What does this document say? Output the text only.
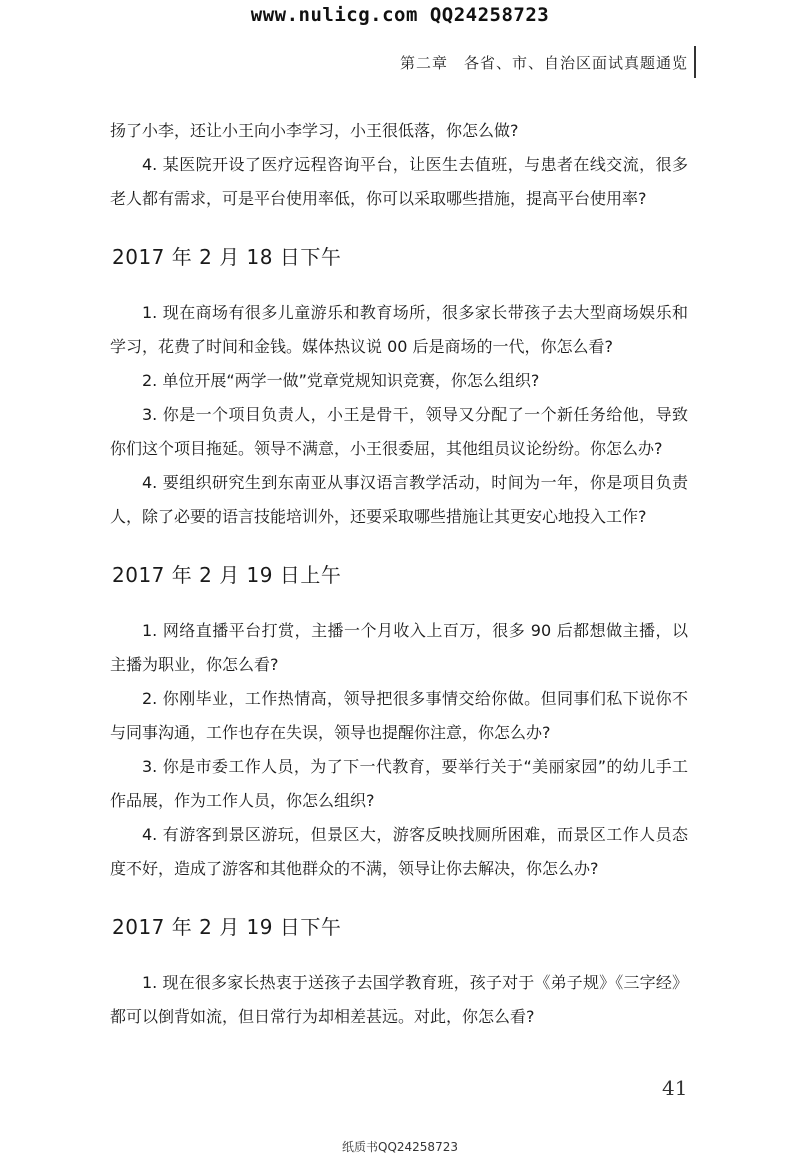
www.nulicg.com QQ24258723
第二章　各省、市、自治区面试真题通览

扬了小李，还让小王向小李学习，小王很低落，你怎么做?

4. 某医院开设了医疗远程咨询平台，让医生去值班，与患者在线交流，很多老人都有需求，可是平台使用率低，你可以采取哪些措施，提高平台使用率?

2017 年 2 月 18 日下午

1. 现在商场有很多儿童游乐和教育场所，很多家长带孩子去大型商场娱乐和学习，花费了时间和金钱。媒体热议说 00 后是商场的一代，你怎么看?

2. 单位开展“两学一做”党章党规知识竞赛，你怎么组织?

3. 你是一个项目负责人，小王是骨干，领导又分配了一个新任务给他，导致你们这个项目拖延。领导不满意，小王很委屈，其他组员议论纷纷。你怎么办?

4. 要组织研究生到东南亚从事汉语言教学活动，时间为一年，你是项目负责人，除了必要的语言技能培训外，还要采取哪些措施让其更安心地投入工作?

2017 年 2 月 19 日上午

1. 网络直播平台打赏，主播一个月收入上百万，很多 90 后都想做主播，以主播为职业，你怎么看?

2. 你刚毕业，工作热情高，领导把很多事情交给你做。但同事们私下说你不与同事沟通，工作也存在失误，领导也提醒你注意，你怎么办?

3. 你是市委工作人员，为了下一代教育，要举行关于“美丽家园”的幼儿手工作品展，作为工作人员，你怎么组织?

4. 有游客到景区游玩，但景区大，游客反映找厕所困难，而景区工作人员态度不好，造成了游客和其他群众的不满，领导让你去解决，你怎么办?

2017 年 2 月 19 日下午

1. 现在很多家长热衷于送孩子去国学教育班，孩子对于《弟子规》《三字经》都可以倒背如流，但日常行为却相差甚远。对此，你怎么看?

41
纸质书QQ24258723
